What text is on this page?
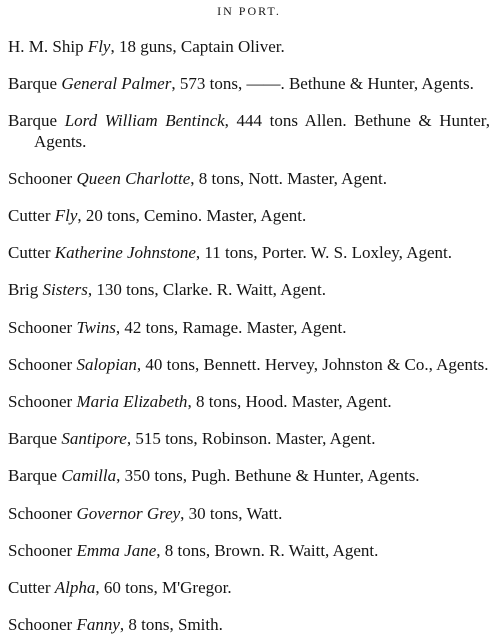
IN PORT.

H. M. Ship Fly, 18 guns, Captain Oliver.

Barque General Palmer, 573 tons, ——. Bethune & Hunter, Agents.

Barque Lord William Bentinck, 444 tons Allen. Bethune & Hunter, Agents.

Schooner Queen Charlotte, 8 tons, Nott. Master, Agent.

Cutter Fly, 20 tons, Cemino. Master, Agent.

Cutter Katherine Johnstone, 11 tons, Porter. W. S. Loxley, Agent.

Brig Sisters, 130 tons, Clarke. R. Waitt, Agent.

Schooner Twins, 42 tons, Ramage. Master, Agent.

Schooner Salopian, 40 tons, Bennett. Hervey, Johnston & Co., Agents.

Schooner Maria Elizabeth, 8 tons, Hood. Master, Agent.

Barque Santipore, 515 tons, Robinson. Master, Agent.

Barque Camilla, 350 tons, Pugh. Bethune & Hunter, Agents.

Schooner Governor Grey, 30 tons, Watt.

Schooner Emma Jane, 8 tons, Brown. R. Waitt, Agent.

Cutter Alpha, 60 tons, M'Gregor.

Schooner Fanny, 8 tons, Smith.
